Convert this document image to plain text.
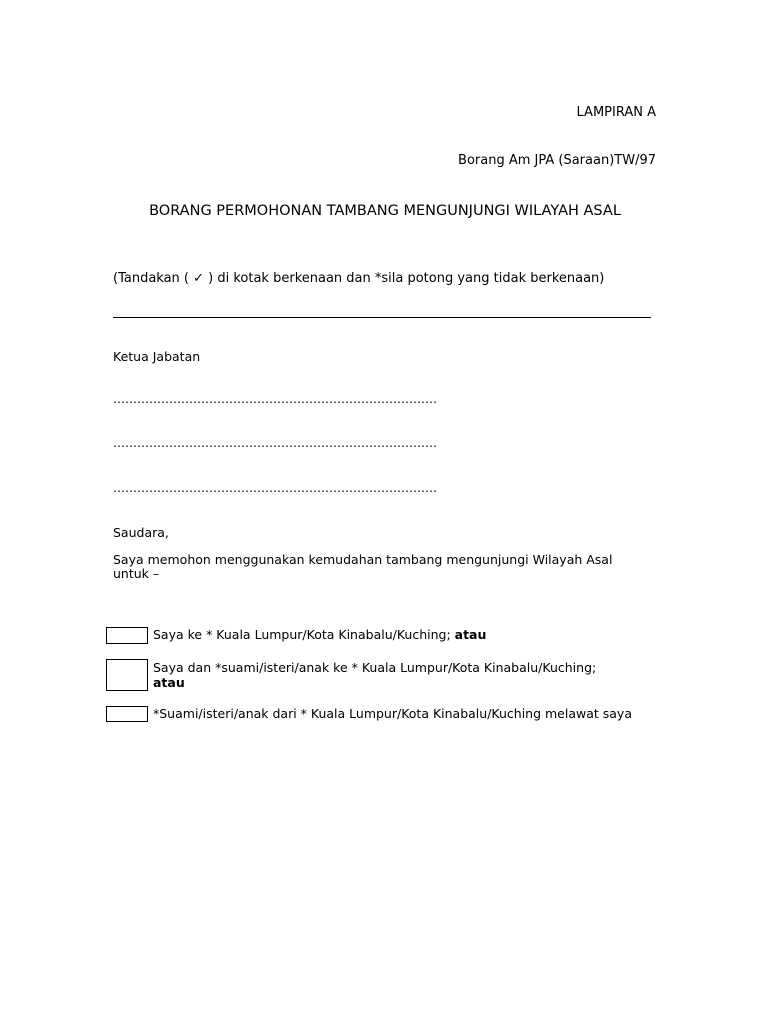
LAMPIRAN A
Borang Am JPA (Saraan)TW/97
BORANG PERMOHONAN TAMBANG MENGUNJUNGI WILAYAH ASAL
(Tandakan ( ✓ ) di kotak berkenaan dan *sila potong yang tidak berkenaan)
Ketua Jabatan
………………………………………………………………………
………………………………………………………………………
………………………………………………………………………
Saudara,
Saya memohon menggunakan kemudahan tambang mengunjungi Wilayah Asal untuk –
Saya ke * Kuala Lumpur/Kota Kinabalu/Kuching; atau
Saya dan *suami/isteri/anak ke * Kuala Lumpur/Kota Kinabalu/Kuching; atau
*Suami/isteri/anak dari * Kuala Lumpur/Kota Kinabalu/Kuching melawat saya
